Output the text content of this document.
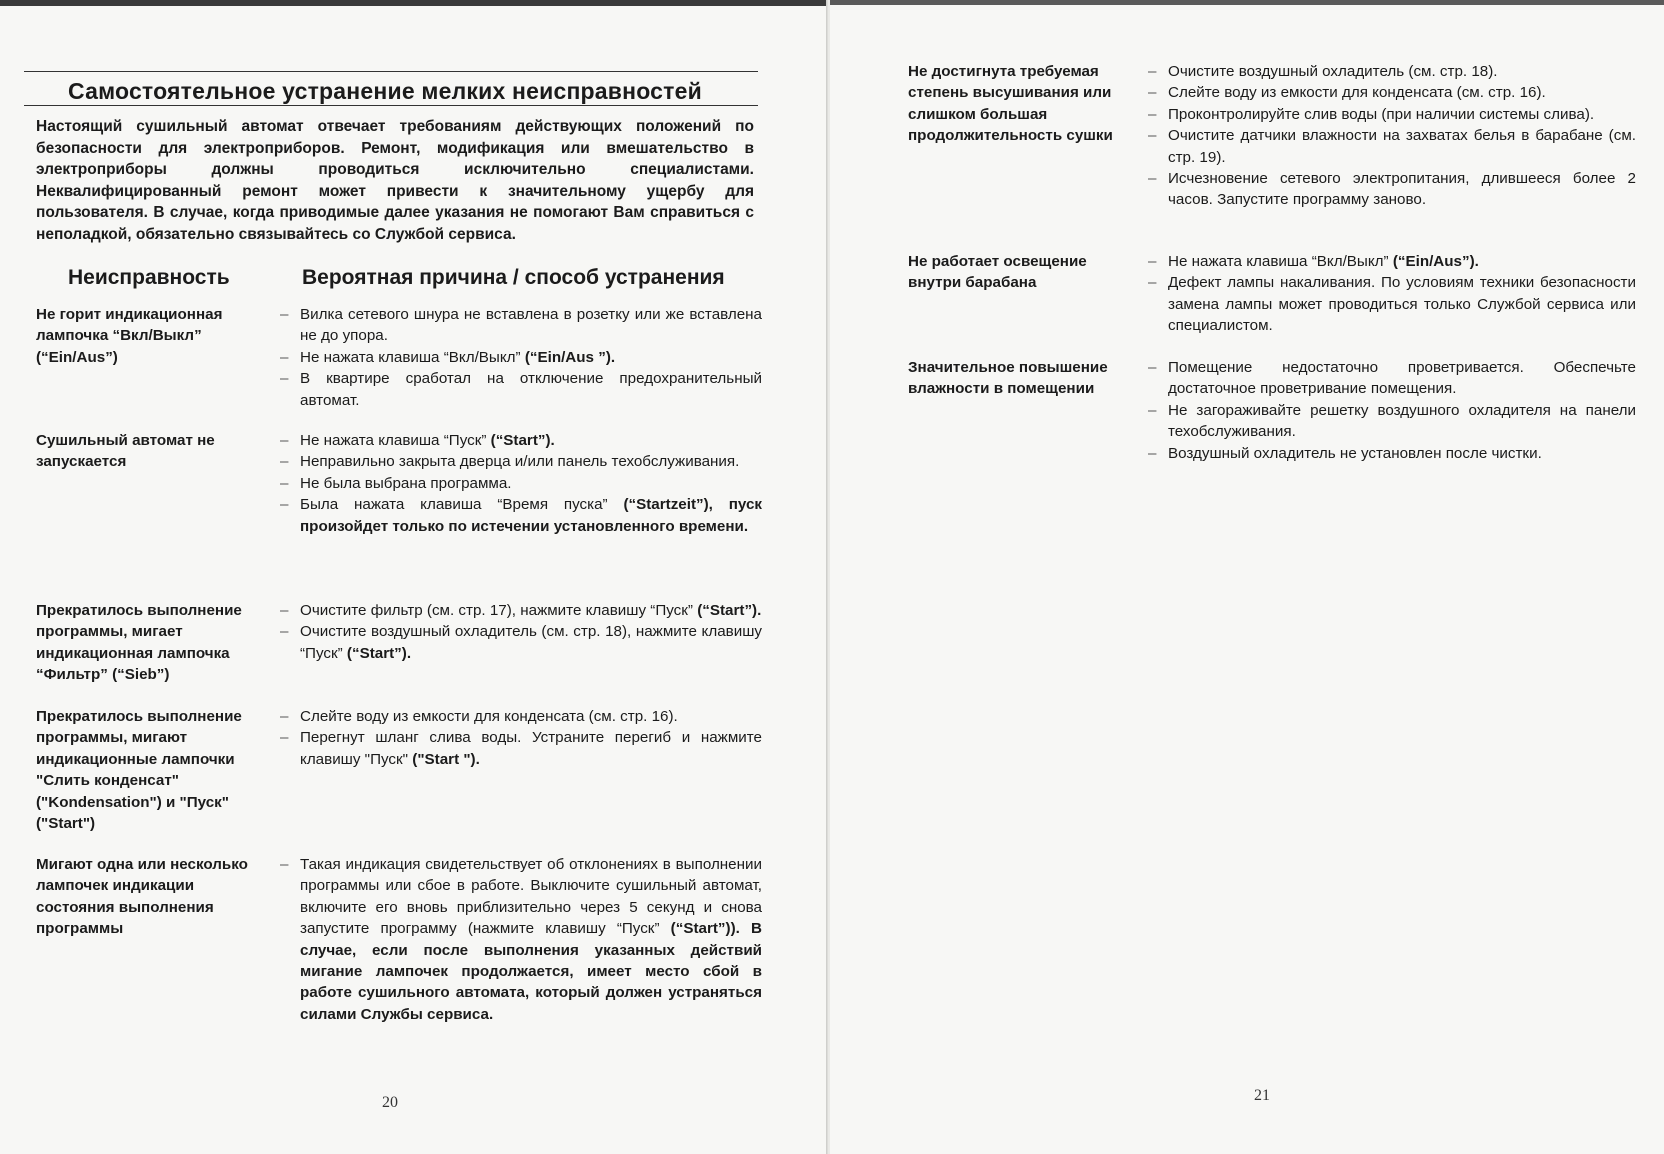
Самостоятельное устранение мелких неисправностей
Настоящий сушильный автомат отвечает требованиям действующих положений по безопасности для электроприборов. Ремонт, модификация или вмешательство в электроприборы должны проводиться исключительно специалистами. Неквалифицированный ремонт может привести к значительному ущербу для пользователя. В случае, когда приводимые далее указания не помогают Вам справиться с неполадкой, обязательно связывайтесь со Службой сервиса.
Неисправность	Вероятная причина / способ устранения
Не горит индикационная лампочка “Вкл/Выкл” (“Ein/Aus”)
– Вилка сетевого шнура не вставлена в розетку или же вставлена не до упора.
– Не нажата клавиша “Вкл/Выкл” (“Ein/Aus ”).
– В квартире сработал на отключение предохранительный автомат.
Сушильный автомат не запускается
– Не нажата клавиша “Пуск” (“Start”).
– Неправильно закрыта дверца и/или панель техобслуживания.
– Не была выбрана программа.
– Была нажата клавиша “Время пуска” (“Startzeit”), пуск произойдет только по истечении установленного времени.
Прекратилось выполнение программы, мигает индикационная лампочка “Фильтр” (“Sieb”)
– Очистите фильтр (см. стр. 17), нажмите клавишу “Пуск” (“Start”).
– Очистите воздушный охладитель (см. стр. 18), нажмите клавишу “Пуск” (“Start”).
Прекратилось выполнение программы, мигают индикационные лампочки "Слить конденсат" ("Kondensation") и "Пуск" ("Start")
– Слейте воду из емкости для конденсата (см. стр. 16).
– Перегнут шланг слива воды. Устраните перегиб и нажмите клавишу "Пуск" ("Start ").
Мигают одна или несколько лампочек индикации состояния выполнения программы
– Такая индикация свидетельствует об отклонениях в выполнении программы или сбое в работе. Выключите сушильный автомат, включите его вновь приблизительно через 5 секунд и снова запустите программу (нажмите клавишу “Пуск” (“Start”)). В случае, если после выполнения указанных действий мигание лампочек продолжается, имеет место сбой в работе сушильного автомата, который должен устраняться силами Службы сервиса.
20
Не достигнута требуемая степень высушивания или слишком большая продолжительность сушки
– Очистите воздушный охладитель (см. стр. 18).
– Слейте воду из емкости для конденсата (см. стр. 16).
– Проконтролируйте слив воды (при наличии системы слива).
– Очистите датчики влажности на захватах белья в барабане (см. стр. 19).
– Исчезновение сетевого электропитания, длившееся более 2 часов. Запустите программу заново.
Не работает освещение внутри барабана
– Не нажата клавиша “Вкл/Выкл” (“Ein/Aus”).
– Дефект лампы накаливания. По условиям техники безопасности замена лампы может проводиться только Службой сервиса или специалистом.
Значительное повышение влажности в помещении
– Помещение недостаточно проветривается. Обеспечьте достаточное проветривание помещения.
– Не загораживайте решетку воздушного охладителя на панели техобслуживания.
– Воздушный охладитель не установлен после чистки.
21
